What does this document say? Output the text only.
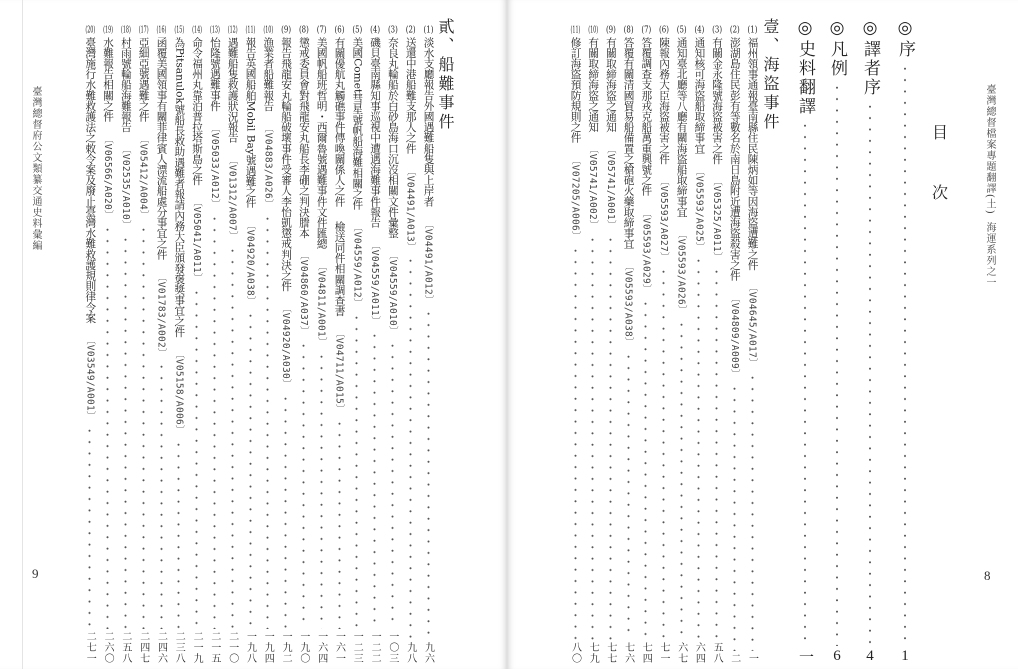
臺灣總督府公文類纂交通史料彙編
貳、船難事件
(1)
淡水支廳報告外國遇難船隻與上岸者
〔V04491/A012〕
九六
(2)
送還中港船難支那人之件
〔V04491/A013〕
九八
(3)
奈良丸輪船於白砂島海口沉沒相關文件彙整
〔V04559/A010〕
一〇三
(4)
磯貝臺南縣知事巡視中遭遇海難事件報告
〔V04559/A011〕
一二二
(5)
美國Comet彗星號帆船海難相關之件
〔V04559/A012〕
一二三
(6)
有關優航丸觸礁事件傳喚關係人之件
檢送同件相關調查書
〔V04711/A015〕
一六一
(7)
美國帆船班哲明・西爾魯號遇難事件文件匯總
〔V04811/A001〕
一六四
(8)
懲戒委員會對飛龍安丸船長李硼之判決謄本
〔V04860/A037〕
一九〇
(9)
報告飛龍安丸輪船破壞事件受審人李怡凱懲戒判決之件
〔V04920/A030〕
一九二
(10)
漁業者船難報告
〔V04883/A026〕
一九四
(11)
報告英國船舶Mobil Bay號遇難之件
〔V04920/A038〕
一九八
(12)
遇難船隻救護狀況報告
〔V01312/A007〕
二一〇
(13)
怡隆號遇難事件
〔V05033/A012〕
二一五
(14)
命令福州丸靠泊普拉塔斯島之件
〔V05041/A011〕
二一九
(15)
為Pitsanulok號船長救助遇難者報請內務大臣頒發褒獎事宜之件
〔V05158/A006〕
二三八
(16)
函覆美國領事有關菲律賓人漂流船處分事宜之件
〔V01783/A002〕
二四六
(17)
亞細亞號遇難之件
〔V05412/A004〕
二四七
(18)
村雨號輪船海難報告
〔V02535/A010〕
二五八
(19)
水難報告相關之件
〔V06566/A020〕
二六〇
(20)
臺灣施行水難救護法之敕令案及廢止臺灣水難救護規則律令案
〔V03549/A001〕
二七一
9
臺灣總督檔案專題翻譯(土)
海運系列之一
目
次
◎序
1
◎譯者序
4
◎凡例
6
◎史料翻譯
一
壹、海盜事件
(1)
福州領事通報臺南縣住民陳炳如等因海盜遭難之件
〔V04645/A017〕
一
(2)
澎湖島住民彭有等數名於南日島附近遭海盜殺害之件
〔V04809/A009〕
二
(3)
有關金永隆號海盜被害之件
〔V05325/A011〕
五八
(4)
通知核可海盜船取締事宜
〔V05593/A025〕
六四
(5)
通知臺北廳等八廳有關海盜船取締事宜
〔V05593/A026〕
六七
(6)
陳報內務大臣海盜被害之件
〔V05593/A027〕
七一
(7)
答覆調查支那戎克船萬重興號之件
〔V05593/A029〕
七四
(8)
答覆有關清國貿易船備置之槍砲火藥取締事宜
〔V05593/A038〕
七六
(9)
有關取締海盜之通知
〔V05741/A001〕
七七
(10)
有關取締海盜之通知
〔V05741/A002〕
七九
(11)
修訂海盜預防規則之件
〔V07205/A006〕
八〇
8
